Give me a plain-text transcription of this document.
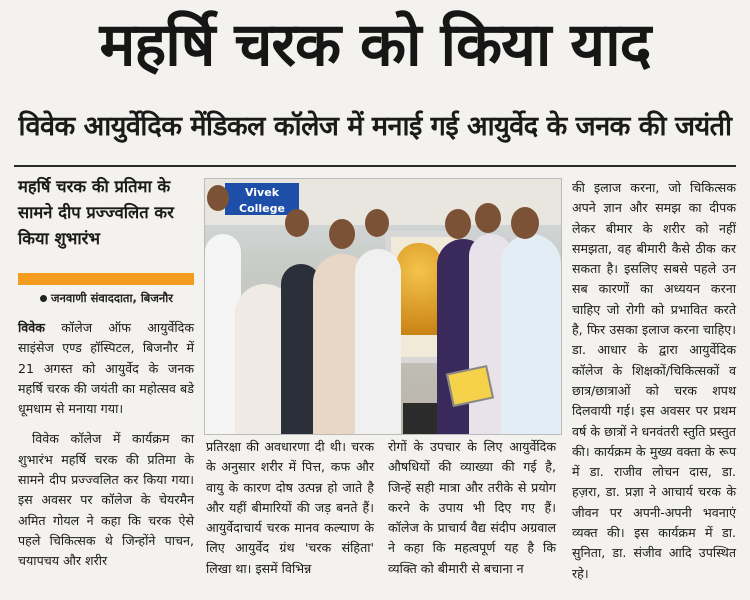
महर्षि चरक को किया याद
विवेक आयुर्वेदिक मेंडिकल कॉलेज में मनाई गई आयुर्वेद के जनक की जयंती
महर्षि चरक की प्रतिमा के सामने दीप प्रज्ज्वलित कर किया शुभारंभ
जनवाणी संवाददाता, बिजनौर

विवेक कॉलेज ऑफ आयुर्वेदिक साइंसेज एण्ड हॉस्पिटल, बिजनौर में 21 अगस्त को आयुर्वेद के जनक महर्षि चरक की जयंती का महोत्सव बडे धूमधाम से मनाया गया।

विवेक कॉलेज में कार्यक्रम का शुभारंभ महर्षि चरक की प्रतिमा के सामने दीप प्रज्ज्वलित कर किया गया। इस अवसर पर कॉलेज के चेयरमैन अमित गोयल ने कहा कि चरक ऐसे पहले चिकित्सक थे जिन्होंने पाचन, चयापचय और शरीर

Vivek College

प्रतिरक्षा की अवधारणा दी थी। चरक के अनुसार शरीर में पित्त, कफ और वायु के कारण दोष उत्पन्न हो जाते है और यहीं बीमारियों की जड़ बनते हैं। आयुर्वेदाचार्य चरक मानव कल्याण के लिए आयुर्वेद ग्रंथ 'चरक संहिता' लिखा था। इसमें विभिन्न

रोगों के उपचार के लिए आयुर्वेदिक औषधियों की व्याख्या की गई है, जिन्हें सही मात्रा और तरीके से प्रयोग करने के उपाय भी दिए गए हैं। कॉलेज के प्राचार्य वैद्य संदीप अग्रवाल ने कहा कि महत्वपूर्ण यह है कि व्यक्ति को बीमारी से बचाना न

की इलाज करना, जो चिकित्सक अपने ज्ञान और समझ का दीपक लेकर बीमार के शरीर को नहीं समझता, वह बीमारी कैसे ठीक कर सकता है। इसलिए सबसे पहले उन सब कारणों का अध्ययन करना चाहिए जो रोगी को प्रभावित करते है, फिर उसका इलाज करना चाहिए। डा. आधार के द्वारा आयुर्वेदिक कॉलेज के शिक्षकों/चिकित्सकों व छात्र/छात्राओं को चरक शपथ दिलवायी गई। इस अवसर पर प्रथम वर्ष के छात्रों ने धनवंतरी स्तुति प्रस्तुत की। कार्यक्रम के मुख्य वक्ता के रूप में डा. राजीव लोचन दास, डा. हज़रा, डा. प्रज्ञा ने आचार्य चरक के जीवन पर अपनी-अपनी भवनाएं व्यक्त की। इस कार्यक्रम में डा. सुनिता, डा. संजीव आदि उपस्थित रहे।
